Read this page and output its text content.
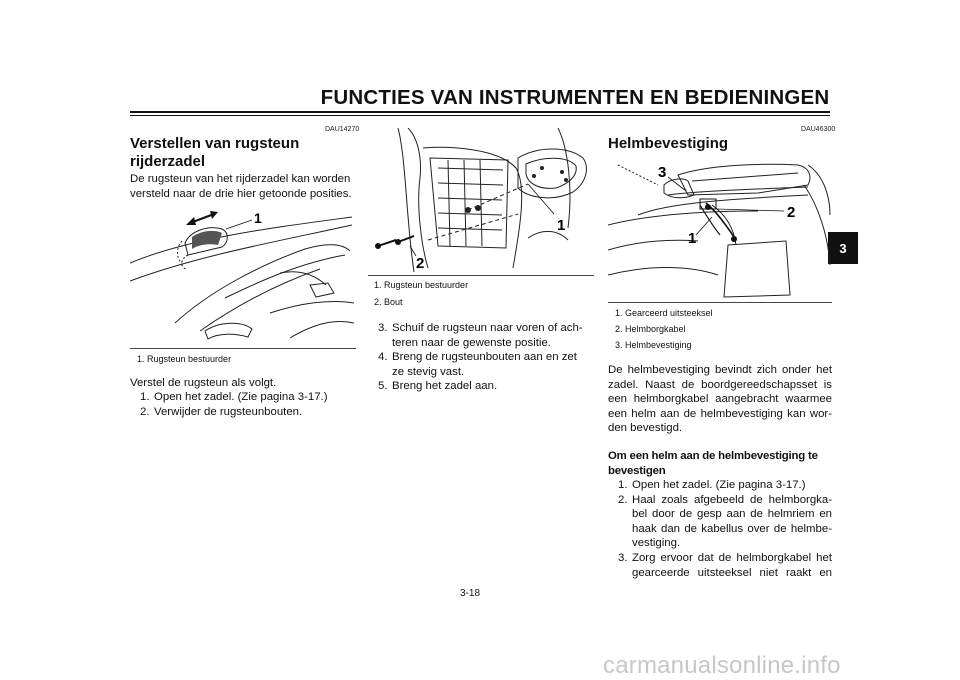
FUNCTIES VAN INSTRUMENTEN EN BEDIENINGEN
3
DAU14270
Verstellen van rugsteun
rijderzadel
De rugsteun van het rijderzadel kan worden versteld naar de drie hier getoonde posities.
1
1. Rugsteun bestuurder
Verstel de rugsteun als volgt.
1. Open het zadel. (Zie pagina 3-17.)
2. Verwijder de rugsteunbouten.
1
2
1. Rugsteun bestuurder
2. Bout
3. Schuif de rugsteun naar voren of ach-
teren naar de gewenste positie.
4. Breng de rugsteunbouten aan en zet
ze stevig vast.
5. Breng het zadel aan.
DAU46300
Helmbevestiging
3
2
1
1. Gearceerd uitsteeksel
2. Helmborgkabel
3. Helmbevestiging
De helmbevestiging bevindt zich onder het
zadel. Naast de boordgereedschapsset is
een helmborgkabel aangebracht waarmee
een helm aan de helmbevestiging kan wor-
den bevestigd.
Om een helm aan de helmbevestiging te
bevestigen
1. Open het zadel. (Zie pagina 3-17.)
2. Haal zoals afgebeeld de helmborgka-
bel door de gesp aan de helmriem en
haak dan de kabellus over de helmbe-
vestiging.
3. Zorg ervoor dat de helmborgkabel het
gearceerde uitsteeksel niet raakt en
3-18
carmanualsonline.info
